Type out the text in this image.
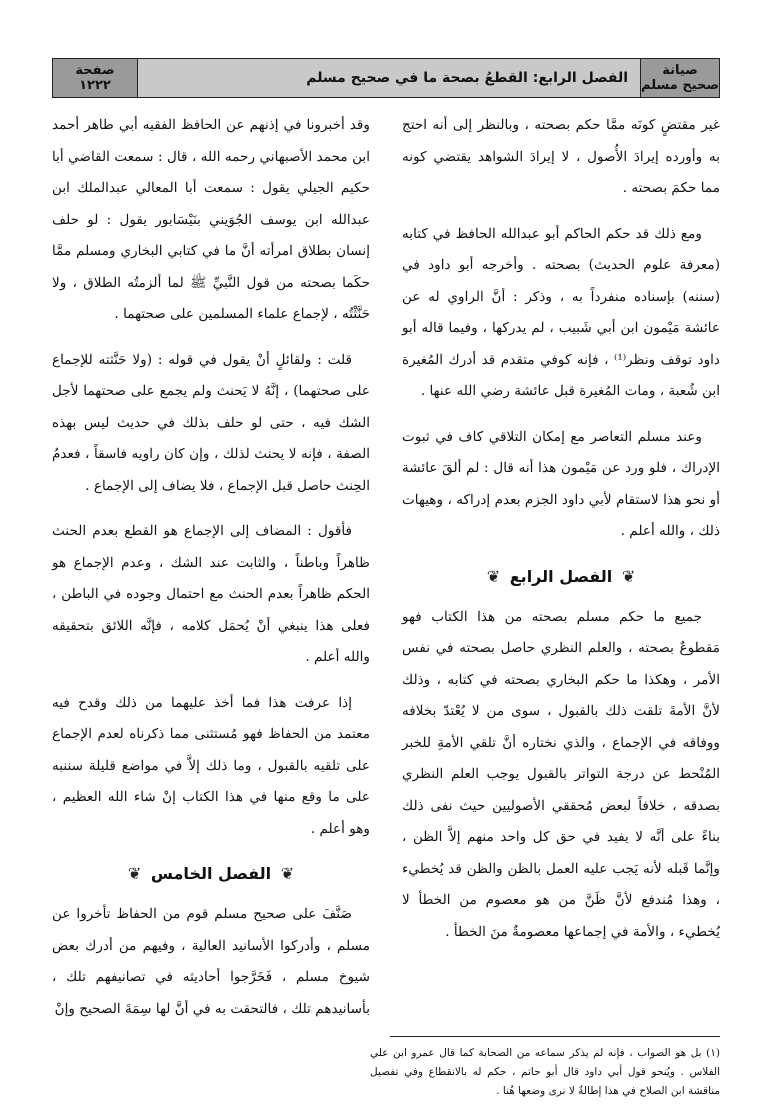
صيانة
صحيح مسلم
الفصل الرابع: القطعُ بصحة ما في صحيح مسلم
صفحة
١٢٢٢

غير مقتضٍ كونَه ممَّا حكم بصحته ، وبالنظر إلى أنه احتج به وأورده إيرادَ الأُصول ، لا إيرادَ الشواهد يقتضي كونه مما حكمَ بصحته .

ومع ذلك قد حكم الحاكم أبو عبدالله الحافظ في كتابه (معرفة علوم الحديث) بصحته . وأخرجه أبو داود في (سننه) بإسناده منفرداً به ، وذكر : أنَّ الراوي له عن عائشة مَيْمون ابن أبي شَبيب ، لم يدركها ، وفيما قاله أبو داود توقف ونظر⁽¹⁾ ، فإنه كوفي متقدم قد أدرك المُغيرة ابن شُعبة ، ومات المُغيرة قبل عائشة رضي الله عنها .

وعند مسلم التعاصر مع إمكان التلاقي كاف في ثبوت الإدراك ، فلو ورد عن مَيْمون هذا أنه قال : لم ألقَ عائشة أو نحو هذا لاستقام لأبي داود الجزم بعدم إدراكه ، وهيهات ذلك ، والله أعلم .

❦ الفصل الرابع ❦

جميع ما حكم مسلم بصحته من هذا الكتاب فهو مَقطوعٌ بصحته ، والعلم النظري حاصل بصحته في نفس الأمر ، وهكذا ما حكم البخاري بصحته في كتابه ، وذلك لأنَّ الأمةَ تلقت ذلك بالقبول ، سوى من لا يُعْتدّ بخلافه ووفاقه في الإجماع ، والذي نختاره أنَّ تلقي الأمةِ للخبر المُنْحط عن درجة التواتر بالقبول يوجب العلم النظري بصدقه ، خلافاً لبعض مُحققي الأصوليين حيث نفى ذلك بناءً على أنَّه لا يفيد في حق كل واحد منهم إلاَّ الظن ، وإنَّما قَبله لأنه يَجب عليه العمل بالظن والظن قد يُخطيء ، وهذا مُندفع لأنَّ ظَنَّ من هو معصوم من الخطأ لا يُخطيء ، والأمة في إجماعها معصومةٌ منَ الخطأ .

وقد أخبرونا في إذنهم عن الحافظ الفقيه أبي طاهر أحمد ابن محمد الأصبهاني رحمه الله ، قال : سمعت القاضي أبا حكيم الجيلي يقول : سمعت أبا المعالي عبدالملك ابن عبدالله ابن يوسف الجُوَيني بنَيْسَابور يقول : لو حلف إنسان بطلاق امرأته أنَّ ما في كتابي البخاري ومسلم ممَّا حكَما بصحته من قول النَّبيِّ ﷺ لما ألزمتُه الطلاق ، ولا حَنَّثْتُه ، لإجماع علماء المسلمين على صحتهما .

قلت : ولقائلٍ أنْ يقول في قوله : (ولا حَنَّثته للإجماع على صحتهما) ، إنَّهُ لا يَحنث ولم يجمع على صحتهما لأجل الشك فيه ، حتى لو حلف بذلك في حديث ليس بهذه الصفة ، فإنه لا يحنث لذلك ، وإن كان راويه فاسقاً ، فعدمُ الحِنث حاصل قبل الإجماع ، فلا يضاف إلى الإجماع .

فأقول : المضاف إلى الإجماع هو القطع بعدم الحنث ظاهراً وباطناً ، والثابت عند الشك ، وعدم الإجماع هو الحكم ظاهراً بعدم الحنث مع احتمال وجوده في الباطن ، فعلى هذا ينبغي أنْ يُحمَل كلامه ، فإنَّه اللائق بتحقيقه والله أعلم .

إذا عرفت هذا فما أخذ عليهما من ذلك وقدح فيه معتمد من الحفاظ فهو مُستثنى مما ذكرناه لعدم الإجماع على تلقيه بالقبول ، وما ذلك إلاَّ في مواضع قليلة سننبه على ما وقع منها في هذا الكتاب إنْ شاء الله العظيم ، وهو أعلم .

❦ الفصل الخامس ❦

صَنَّفَ على صحيح مسلم قوم من الحفاظ تأخروا عن مسلم ، وأدركوا الأسانيد العالية ، وفيهم من أدرك بعض شيوخ مسلم ، فَخَرَّجوا أحاديثه في تصانيفهم تلك ، بأسانيدهم تلك ، فالتحقت به في أنَّ لها سِمَةَ الصحيح وإنْ

(١) بل هو الصواب ، فإنه لم يذكر سماعه من الصحابة كما قال عمرو ابن علي الفلاس . ويُنحو قول أبي داود قال أبو حاتم ، حكم له بالانقطاع وفي تفصيل مناقشة ابن الصلاح في هذا إطالةٌ لا نرى وضعها هُنا .
